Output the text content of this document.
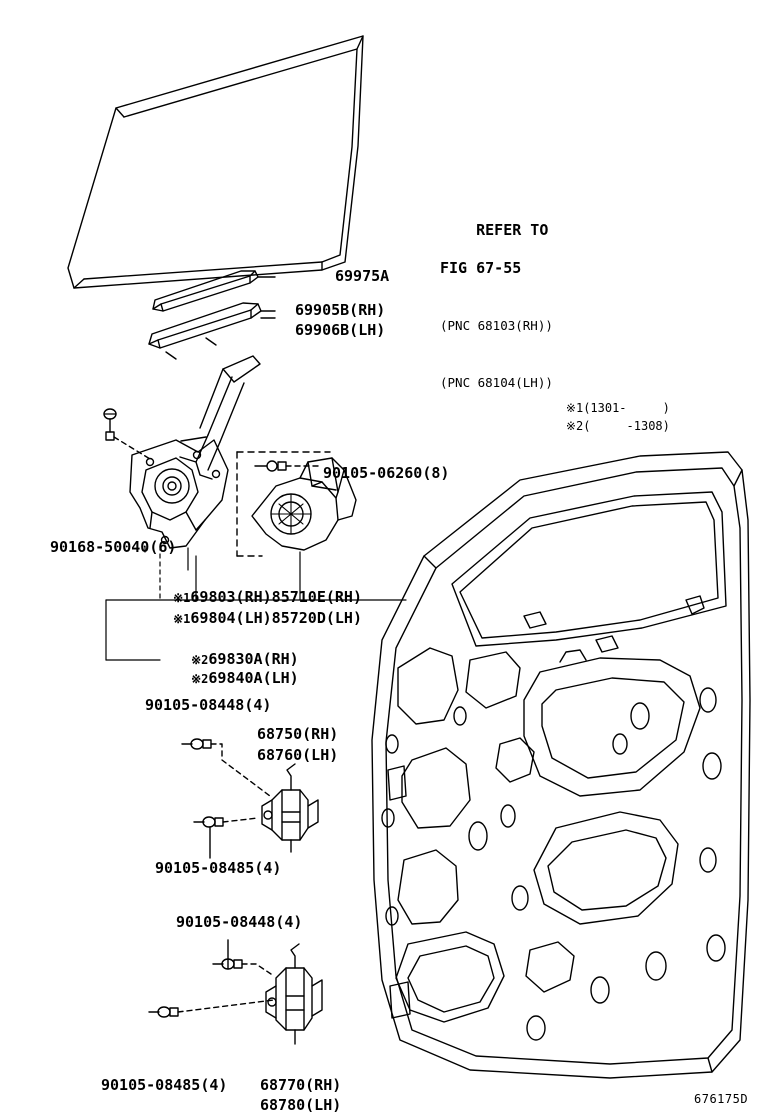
REFER TO

FIG 67-55

(PNC 68103(RH))

(PNC 68104(LH))

69975A
69905B(RH)
69906B(LH)

※1(1301-     )

※2(     -1308)

90105-06260(8)
90168-50040(6)

※169803(RH)85710E(RH)

※169804(LH)85720D(LH)

※269830A(RH)

※269840A(LH)

90105-08448(4)
68750(RH)
68760(LH)
90105-08485(4)
90105-08448(4)
90105-08485(4) 68770(RH)
68780(LH)	676175D
